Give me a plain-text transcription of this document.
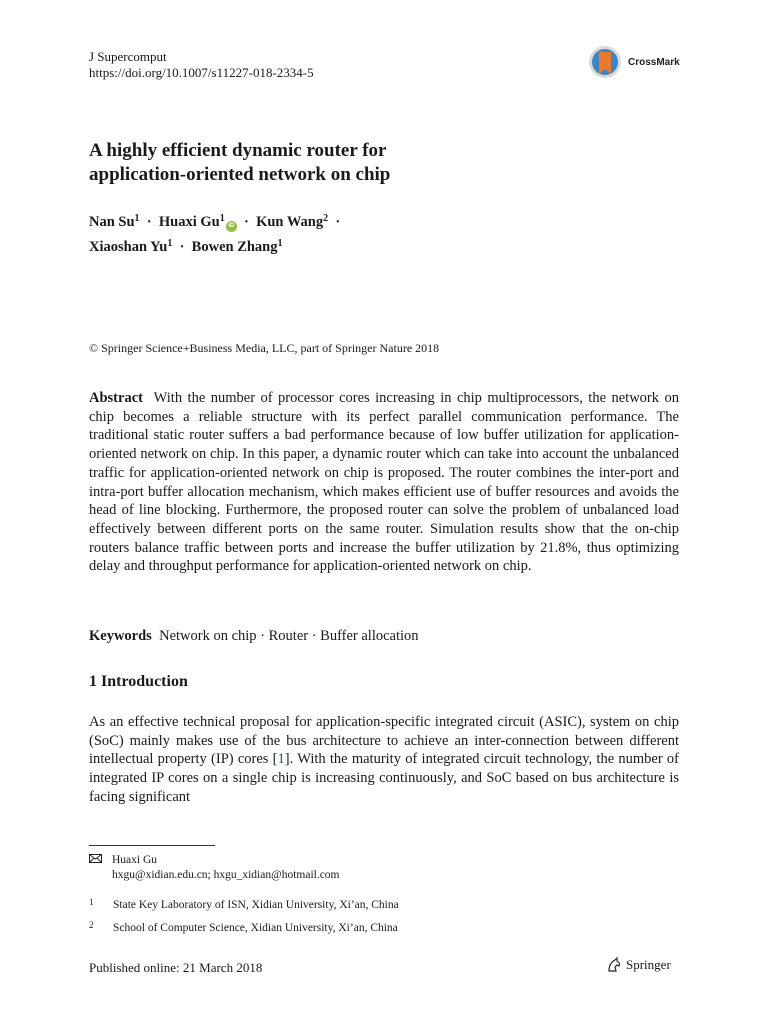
J Supercomput
https://doi.org/10.1007/s11227-018-2334-5
CrossMark
A highly efficient dynamic router for
application-oriented network on chip
Nan Su$^1$  ·  Huaxi Gu$^1$iD  ·  Kun Wang$^2$  ·
Xiaoshan Yu$^1$  ·  Bowen Zhang$^1$
© Springer Science+Business Media, LLC, part of Springer Nature 2018
Abstract With the number of processor cores increasing in chip multiprocessors, the network on chip becomes a reliable structure with its perfect parallel communication performance. The traditional static router suffers a bad performance because of low buffer utilization for application-oriented network on chip. In this paper, a dynamic router which can take into account the unbalanced traffic for application-oriented network on chip is proposed. The router combines the inter-port and intra-port buffer allocation mechanism, which makes efficient use of buffer resources and avoids the head of line blocking. Furthermore, the proposed router can solve the problem of unbalanced load effectively between different ports on the same router. Simulation results show that the on-chip routers balance traffic between ports and increase the buffer utilization by 21.8%, thus optimizing delay and throughput performance for application-oriented network on chip.
Keywords Network on chip · Router · Buffer allocation
1 Introduction
As an effective technical proposal for application-specific integrated circuit (ASIC), system on chip (SoC) mainly makes use of the bus architecture to achieve an inter-connection between different intellectual property (IP) cores [1]. With the maturity of integrated circuit technology, the number of integrated IP cores on a single chip is increasing continuously, and SoC based on bus architecture is facing significant
Huaxi Gu
hxgu@xidian.edu.cn; hxgu_xidian@hotmail.com
1 State Key Laboratory of ISN, Xidian University, Xi’an, China
2 School of Computer Science, Xidian University, Xi’an, China
Published online: 21 March 2018	Springer
